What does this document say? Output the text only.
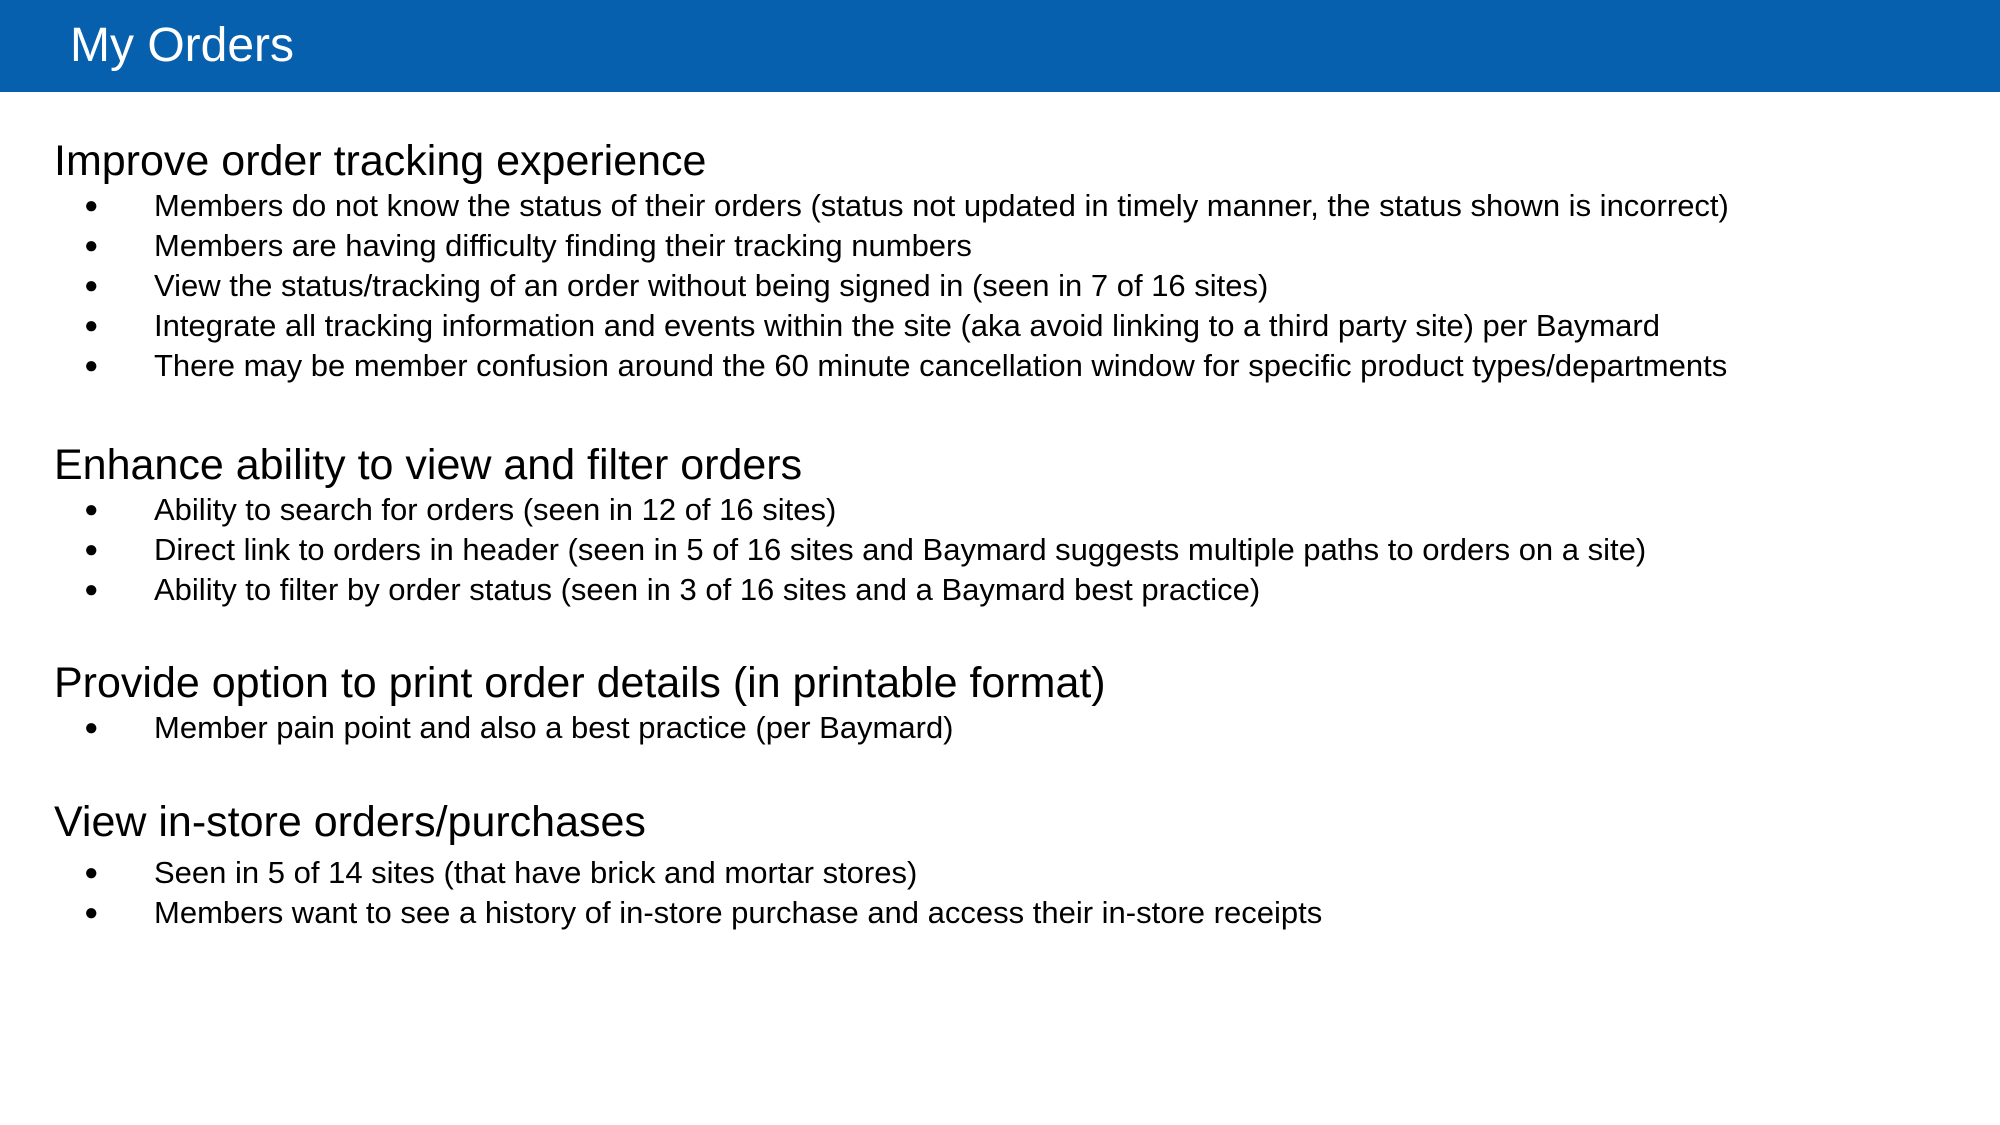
My Orders
Improve order tracking experience
● Members do not know the status of their orders (status not updated in timely manner, the status shown is incorrect)
● Members are having difficulty finding their tracking numbers
● View the status/tracking of an order without being signed in (seen in 7 of 16 sites)
● Integrate all tracking information and events within the site (aka avoid linking to a third party site) per Baymard
● There may be member confusion around the 60 minute cancellation window for specific product types/departments
Enhance ability to view and filter orders
● Ability to search for orders (seen in 12 of 16 sites)
● Direct link to orders in header (seen in 5 of 16 sites and Baymard suggests multiple paths to orders on a site)
● Ability to filter by order status (seen in 3 of 16 sites and a Baymard best practice)
Provide option to print order details (in printable format)
● Member pain point and also a best practice (per Baymard)
View in-store orders/purchases
● Seen in 5 of 14 sites (that have brick and mortar stores)
● Members want to see a history of in-store purchase and access their in-store receipts
